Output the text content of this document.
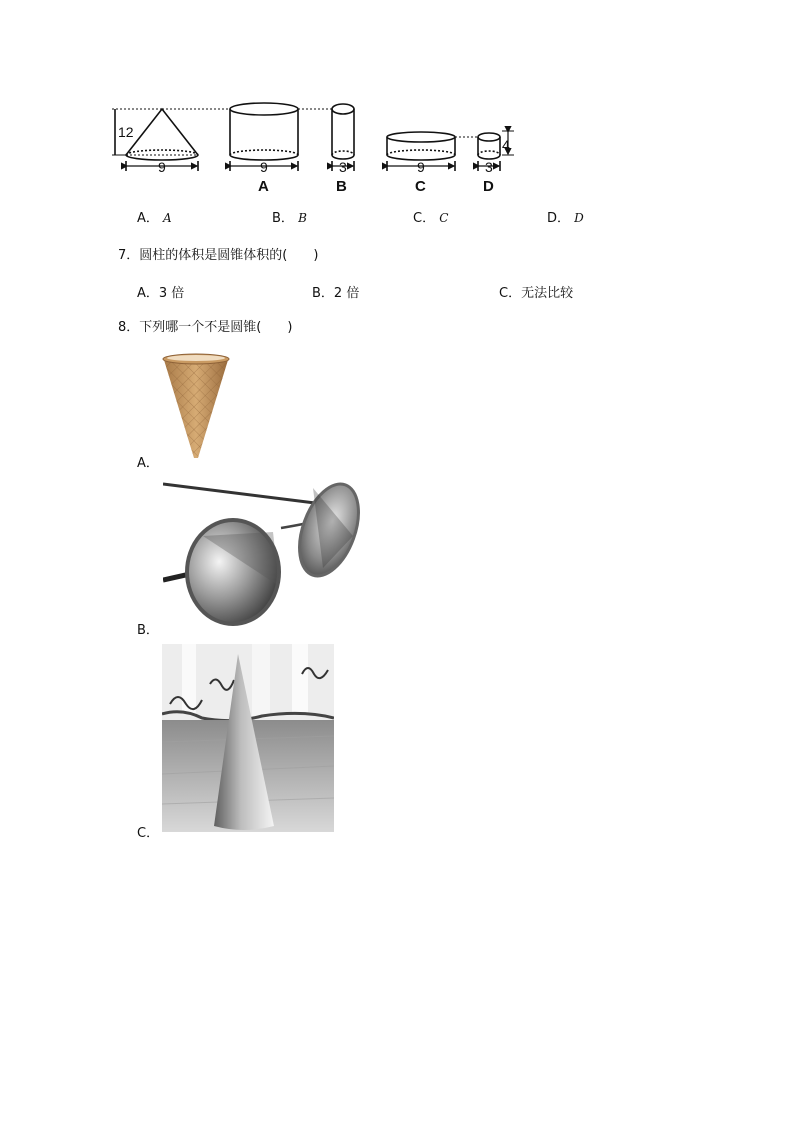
12
9	9	3	9	3
4
A	B	C	D
A． A	B． B	C． C	D． D
7．圆柱的体积是圆锥体积的(　　)
A．3 倍	B．2 倍	C．无法比较
8．下列哪一个不是圆锥(　　)
A．
B．
C．
